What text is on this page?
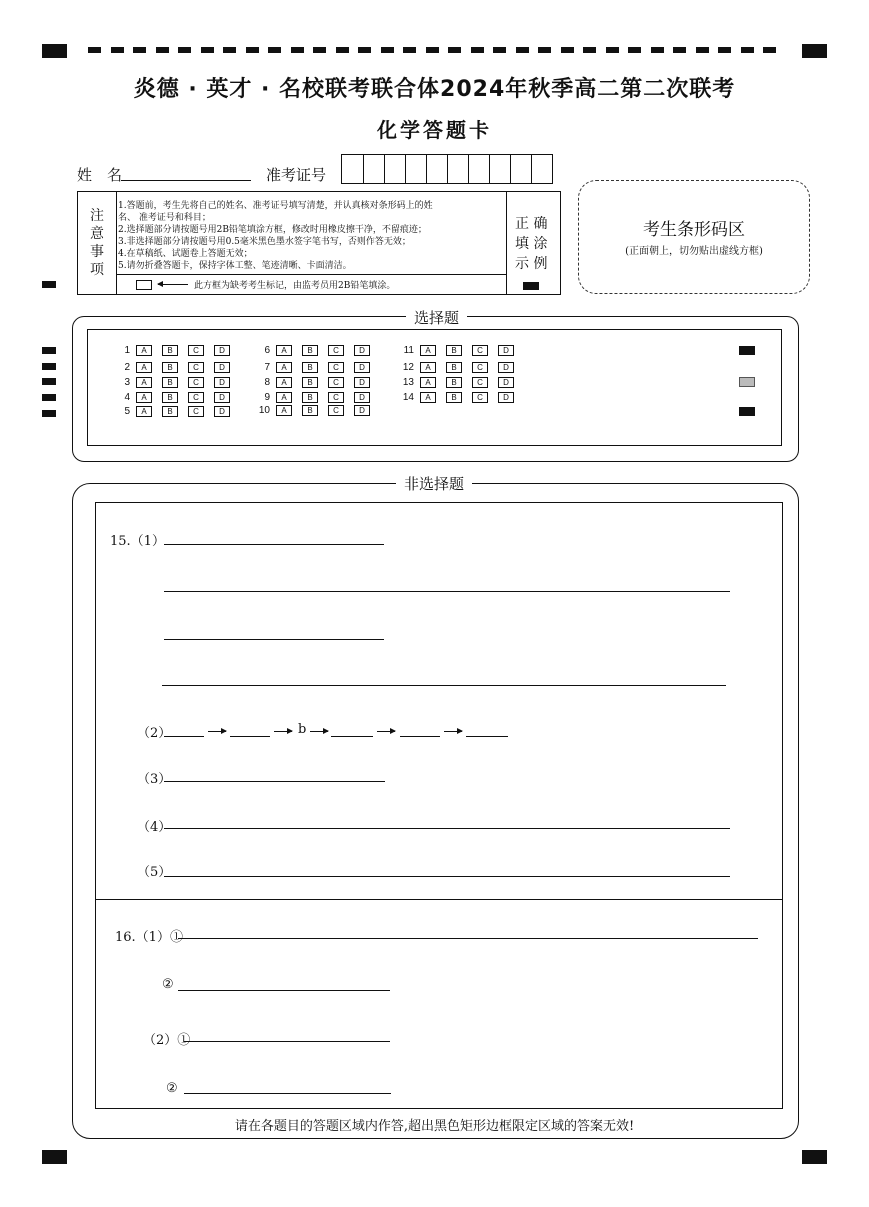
炎德 · 英才 · 名校联考联合体2024年秋季高二第二次联考
化学答题卡
姓　名	准考证号
注
意
事
项
1.答题前，考生先将自己的姓名、准考证号填写清楚，并认真核对条形码上的姓
名、 准考证号和科目；
2.选择题部分请按题号用2B铅笔填涂方框，修改时用橡皮擦干净，不留痕迹；
3.非选择题部分请按题号用0.5毫米黑色墨水签字笔书写，否则作答无效；
4.在草稿纸、试题卷上答题无效；
5.请勿折叠答题卡，保持字体工整、笔迹清晰、卡面清洁。
此方框为缺考考生标记，由监考员用2B铅笔填涂。
正 确 填 涂 示 例
考生条形码区
(正面朝上，切勿贴出虚线方框)
选择题
1	A	B	C	D
2	A	B	C	D
3	A	B	C	D
4	A	B	C	D
5	A	B	C	D
6	A	B	C	D
7	A	B	C	D
8	A	B	C	D
9	A	B	C	D
10	A	B	C	D
11	A	B	C	D
12	A	B	C	D
13	A	B	C	D
14	A	B	C	D
非选择题
15.（1）
（2）	b
（3）
（4）
（5）
16.（1）①
②
（2）①
②
请在各题目的答题区域内作答,超出黑色矩形边框限定区域的答案无效!
